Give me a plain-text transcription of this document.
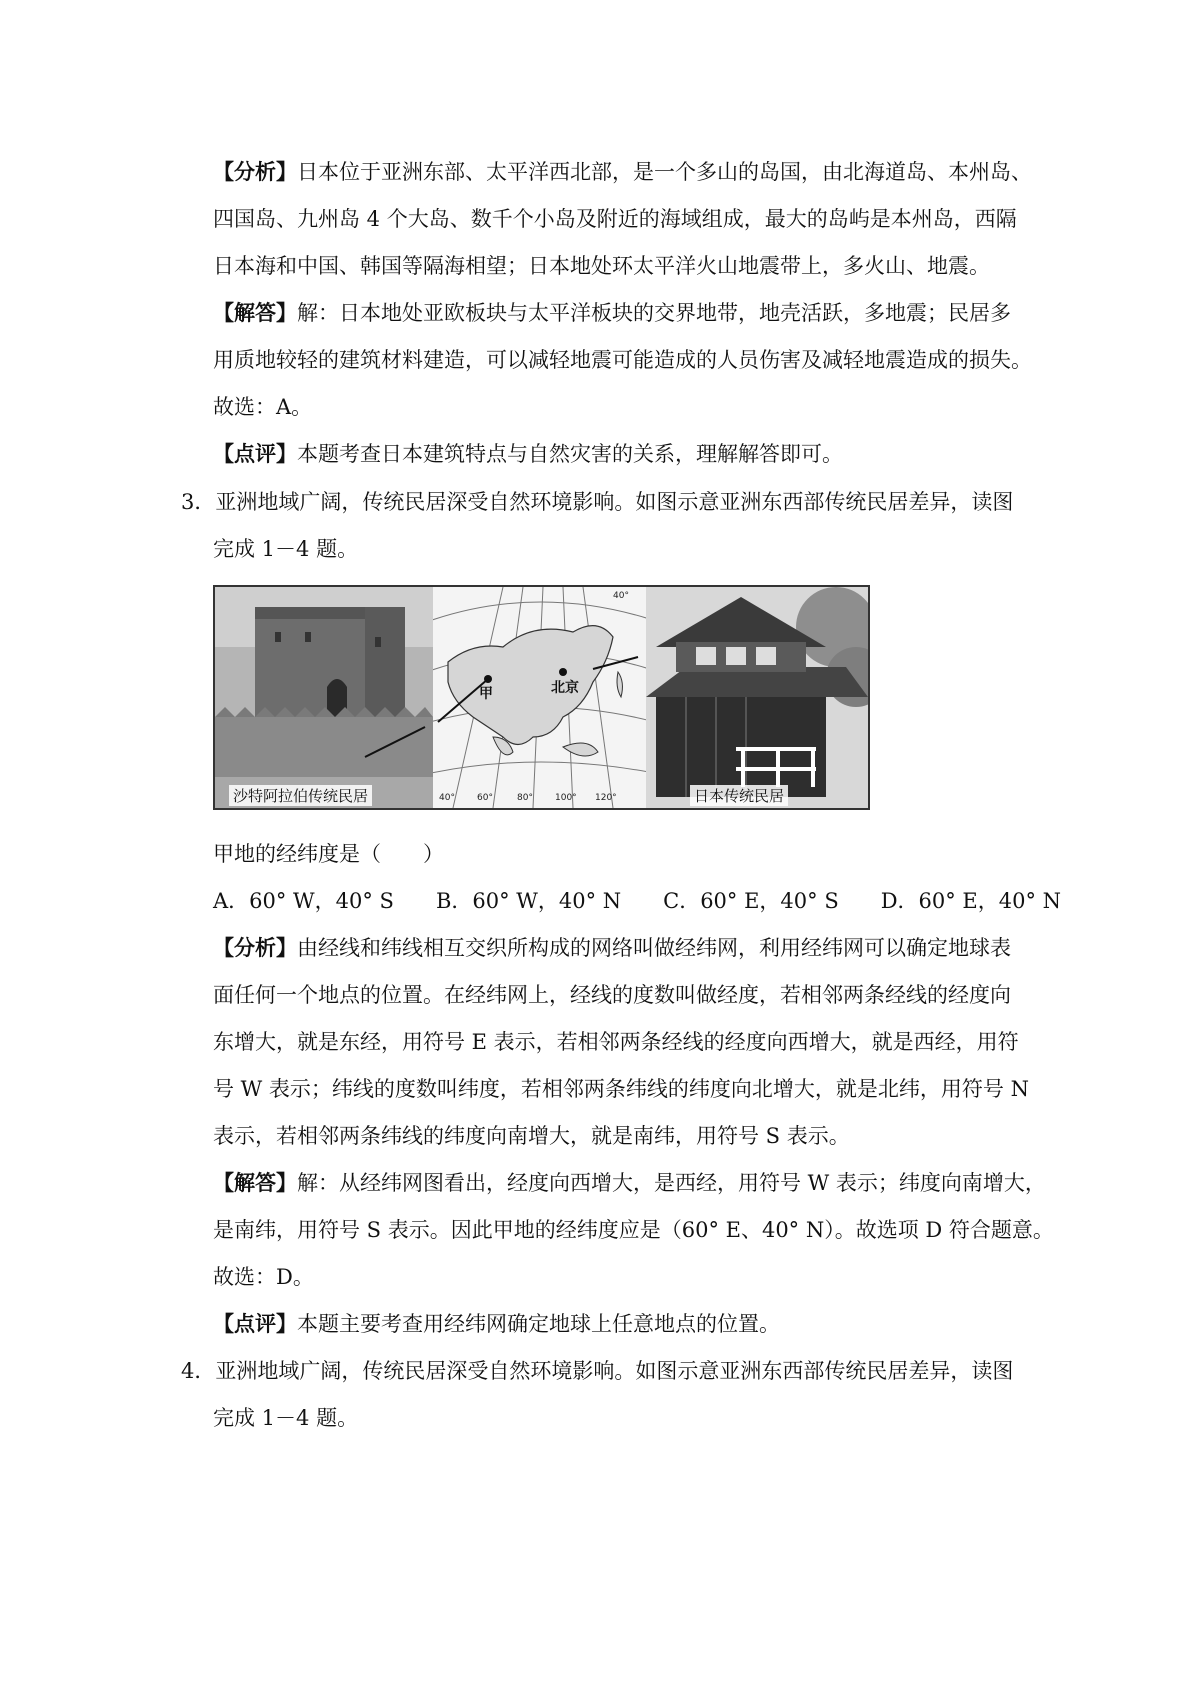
【分析】日本位于亚洲东部、太平洋西北部，是一个多山的岛国，由北海道岛、本州岛、
四国岛、九州岛 4 个大岛、数千个小岛及附近的海域组成，最大的岛屿是本州岛，西隔
日本海和中国、韩国等隔海相望；日本地处环太平洋火山地震带上，多火山、地震。
【解答】解：日本地处亚欧板块与太平洋板块的交界地带，地壳活跃，多地震；民居多
用质地较轻的建筑材料建造，可以减轻地震可能造成的人员伤害及减轻地震造成的损失。
故选：A。
【点评】本题考查日本建筑特点与自然灾害的关系，理解解答即可。
3．亚洲地域广阔，传统民居深受自然环境影响。如图示意亚洲东西部传统民居差异，读图
完成 1－4 题。
沙特阿拉伯传统民居
甲	北京
40°
40° 60°	80° 100° 120°	日本传统民居
甲地的经纬度是（　　）
A．60° W，40° S B．60° W，40° N C．60° E，40° S D．60° E，40° N
【分析】由经线和纬线相互交织所构成的网络叫做经纬网，利用经纬网可以确定地球表
面任何一个地点的位置。在经纬网上，经线的度数叫做经度，若相邻两条经线的经度向
东增大，就是东经，用符号 E 表示，若相邻两条经线的经度向西增大，就是西经，用符
号 W 表示；纬线的度数叫纬度，若相邻两条纬线的纬度向北增大，就是北纬，用符号 N
表示，若相邻两条纬线的纬度向南增大，就是南纬，用符号 S 表示。
【解答】解：从经纬网图看出，经度向西增大，是西经，用符号 W 表示；纬度向南增大，
是南纬，用符号 S 表示。因此甲地的经纬度应是（60° E、40° N）。故选项 D 符合题意。
故选：D。
【点评】本题主要考查用经纬网确定地球上任意地点的位置。
4．亚洲地域广阔，传统民居深受自然环境影响。如图示意亚洲东西部传统民居差异，读图
完成 1－4 题。
